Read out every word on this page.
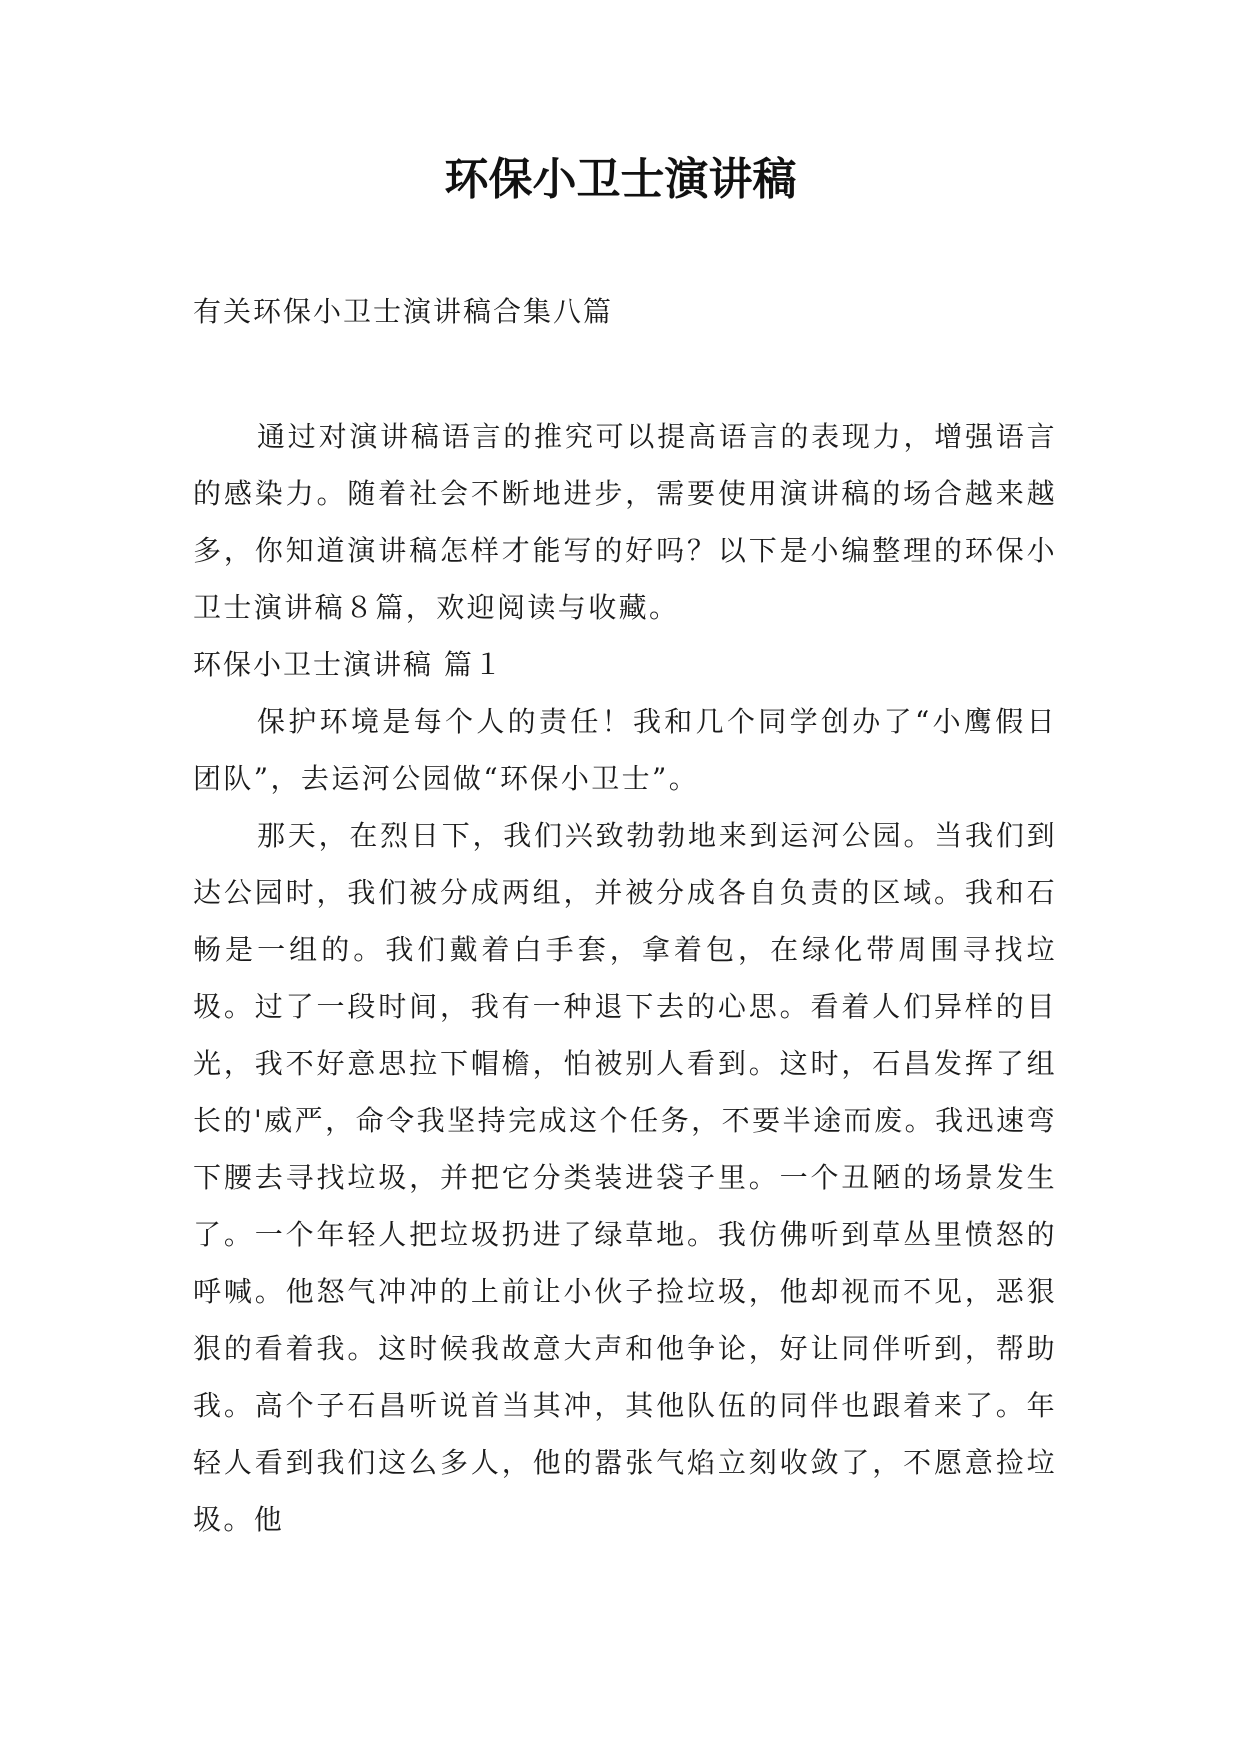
环保小卫士演讲稿

有关环保小卫士演讲稿合集八篇

通过对演讲稿语言的推究可以提高语言的表现力，增强语言的感染力。随着社会不断地进步，需要使用演讲稿的场合越来越多，你知道演讲稿怎样才能写的好吗？以下是小编整理的环保小卫士演讲稿８篇，欢迎阅读与收藏。

环保小卫士演讲稿 篇１

保护环境是每个人的责任！我和几个同学创办了“小鹰假日团队”，去运河公园做“环保小卫士”。

那天，在烈日下，我们兴致勃勃地来到运河公园。当我们到达公园时，我们被分成两组，并被分成各自负责的区域。我和石畅是一组的。我们戴着白手套，拿着包，在绿化带周围寻找垃圾。过了一段时间，我有一种退下去的心思。看着人们异样的目光，我不好意思拉下帽檐，怕被别人看到。这时，石昌发挥了组长的'威严，命令我坚持完成这个任务，不要半途而废。我迅速弯下腰去寻找垃圾，并把它分类装进袋子里。一个丑陋的场景发生了。一个年轻人把垃圾扔进了绿草地。我仿佛听到草丛里愤怒的呼喊。他怒气冲冲的上前让小伙子捡垃圾，他却视而不见，恶狠狠的看着我。这时候我故意大声和他争论，好让同伴听到，帮助我。高个子石昌听说首当其冲，其他队伍的同伴也跟着来了。年轻人看到我们这么多人，他的嚣张气焰立刻收敛了，不愿意捡垃圾。他
